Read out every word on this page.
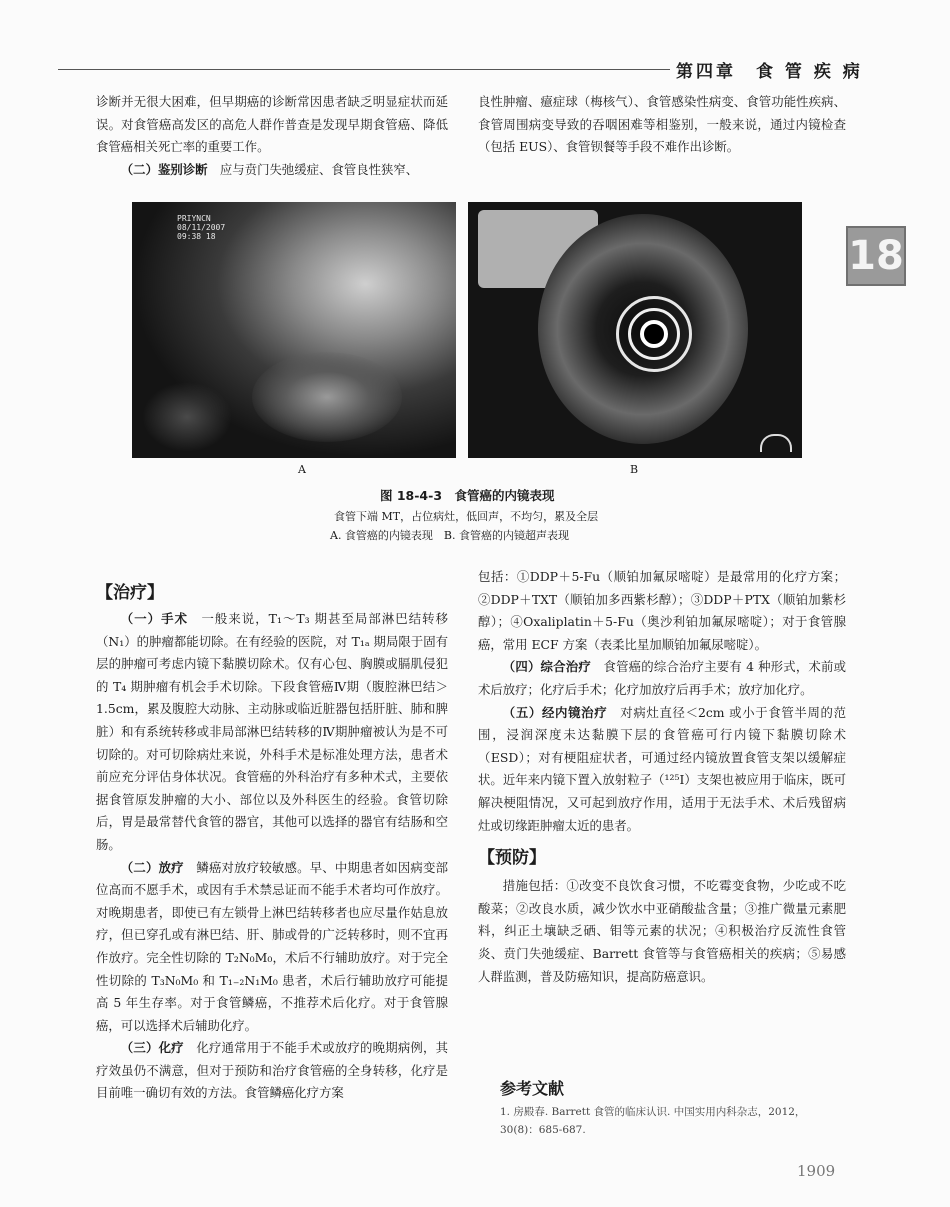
第四章　食 管 疾 病
18

诊断并无很大困难，但早期癌的诊断常因患者缺乏明显症状而延误。对食管癌高发区的高危人群作普查是发现早期食管癌、降低食管癌相关死亡率的重要工作。

（二）鉴别诊断　应与贲门失弛缓症、食管良性狭窄、

良性肿瘤、癔症球（梅核气）、食管感染性病变、食管功能性疾病、食管周围病变导致的吞咽困难等相鉴别，一般来说，通过内镜检查（包括 EUS）、食管钡餐等手段不难作出诊断。

PRIYNCN
08/11/2007
09:38 18
A	B
图 18-4-3　食管癌的内镜表现
食管下端 MT，占位病灶，低回声，不均匀，累及全层
A. 食管癌的内镜表现　B. 食管癌的内镜超声表现

【治疗】

（一）手术　一般来说，T₁～T₃ 期甚至局部淋巴结转移（N₁）的肿瘤都能切除。在有经验的医院，对 T₁ₐ 期局限于固有层的肿瘤可考虑内镜下黏膜切除术。仅有心包、胸膜或膈肌侵犯的 T₄ 期肿瘤有机会手术切除。下段食管癌Ⅳ期（腹腔淋巴结＞1.5cm，累及腹腔大动脉、主动脉或临近脏器包括肝脏、肺和脾脏）和有系统转移或非局部淋巴结转移的Ⅳ期肿瘤被认为是不可切除的。对可切除病灶来说，外科手术是标准处理方法，患者术前应充分评估身体状况。食管癌的外科治疗有多种术式，主要依据食管原发肿瘤的大小、部位以及外科医生的经验。食管切除后，胃是最常替代食管的器官，其他可以选择的器官有结肠和空肠。

（二）放疗　鳞癌对放疗较敏感。早、中期患者如因病变部位高而不愿手术，或因有手术禁忌证而不能手术者均可作放疗。对晚期患者，即使已有左锁骨上淋巴结转移者也应尽量作姑息放疗，但已穿孔或有淋巴结、肝、肺或骨的广泛转移时，则不宜再作放疗。完全性切除的 T₂N₀M₀，术后不行辅助放疗。对于完全性切除的 T₃N₀M₀ 和 T₁₋₂N₁M₀ 患者，术后行辅助放疗可能提高 5 年生存率。对于食管鳞癌，不推荐术后化疗。对于食管腺癌，可以选择术后辅助化疗。

（三）化疗　化疗通常用于不能手术或放疗的晚期病例，其疗效虽仍不满意，但对于预防和治疗食管癌的全身转移，化疗是目前唯一确切有效的方法。食管鳞癌化疗方案

包括：①DDP＋5-Fu（顺铂加氟尿嘧啶）是最常用的化疗方案；②DDP＋TXT（顺铂加多西紫杉醇）；③DDP＋PTX（顺铂加紫杉醇）；④Oxaliplatin＋5-Fu（奥沙利铂加氟尿嘧啶）；对于食管腺癌，常用 ECF 方案（表柔比星加顺铂加氟尿嘧啶）。

（四）综合治疗　食管癌的综合治疗主要有 4 种形式，术前或术后放疗；化疗后手术；化疗加放疗后再手术；放疗加化疗。

（五）经内镜治疗　对病灶直径＜2cm 或小于食管半周的范围，浸润深度未达黏膜下层的食管癌可行内镜下黏膜切除术（ESD）；对有梗阻症状者，可通过经内镜放置食管支架以缓解症状。近年来内镜下置入放射粒子（¹²⁵I）支架也被应用于临床，既可解决梗阻情况，又可起到放疗作用，适用于无法手术、术后残留病灶或切缘距肿瘤太近的患者。

【预防】

措施包括：①改变不良饮食习惯，不吃霉变食物，少吃或不吃酸菜；②改良水质，减少饮水中亚硝酸盐含量；③推广微量元素肥料，纠正土壤缺乏硒、钼等元素的状况；④积极治疗反流性食管炎、贲门失弛缓症、Barrett 食管等与食管癌相关的疾病；⑤易感人群监测，普及防癌知识，提高防癌意识。

参考文献
1. 房殿春. Barrett 食管的临床认识. 中国实用内科杂志，2012，30(8)：685-687.
1909
